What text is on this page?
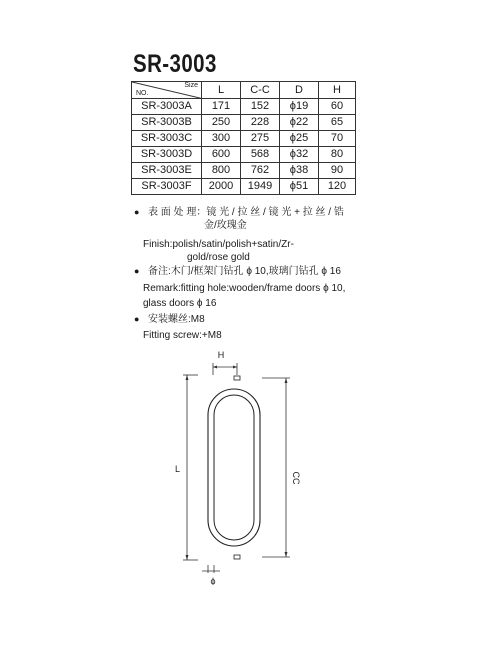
SR-3003
Size
NO.	L	C-C	D	H
SR-3003A	171	152	ϕ19	60
SR-3003B	250	228	ϕ22	65
SR-3003C	300	275	ϕ25	70
SR-3003D	600	568	ϕ32	80
SR-3003E	800	762	ϕ38	90
SR-3003F	2000	1949	ϕ51	120
● 表 面 处 理：镜 光 / 拉 丝 / 镜 光 + 拉 丝 / 锆
金/玫瑰金
Finish:polish/satin/polish+satin/Zr-
gold/rose gold
● 备注:木门/框架门钻孔 ϕ 10,玻璃门钻孔 ϕ 16
Remark:fitting hole:wooden/frame doors ϕ 10,
glass doors ϕ 16
● 安装螺丝:M8
Fitting screw:+M8
H
L
CC
ϕ
